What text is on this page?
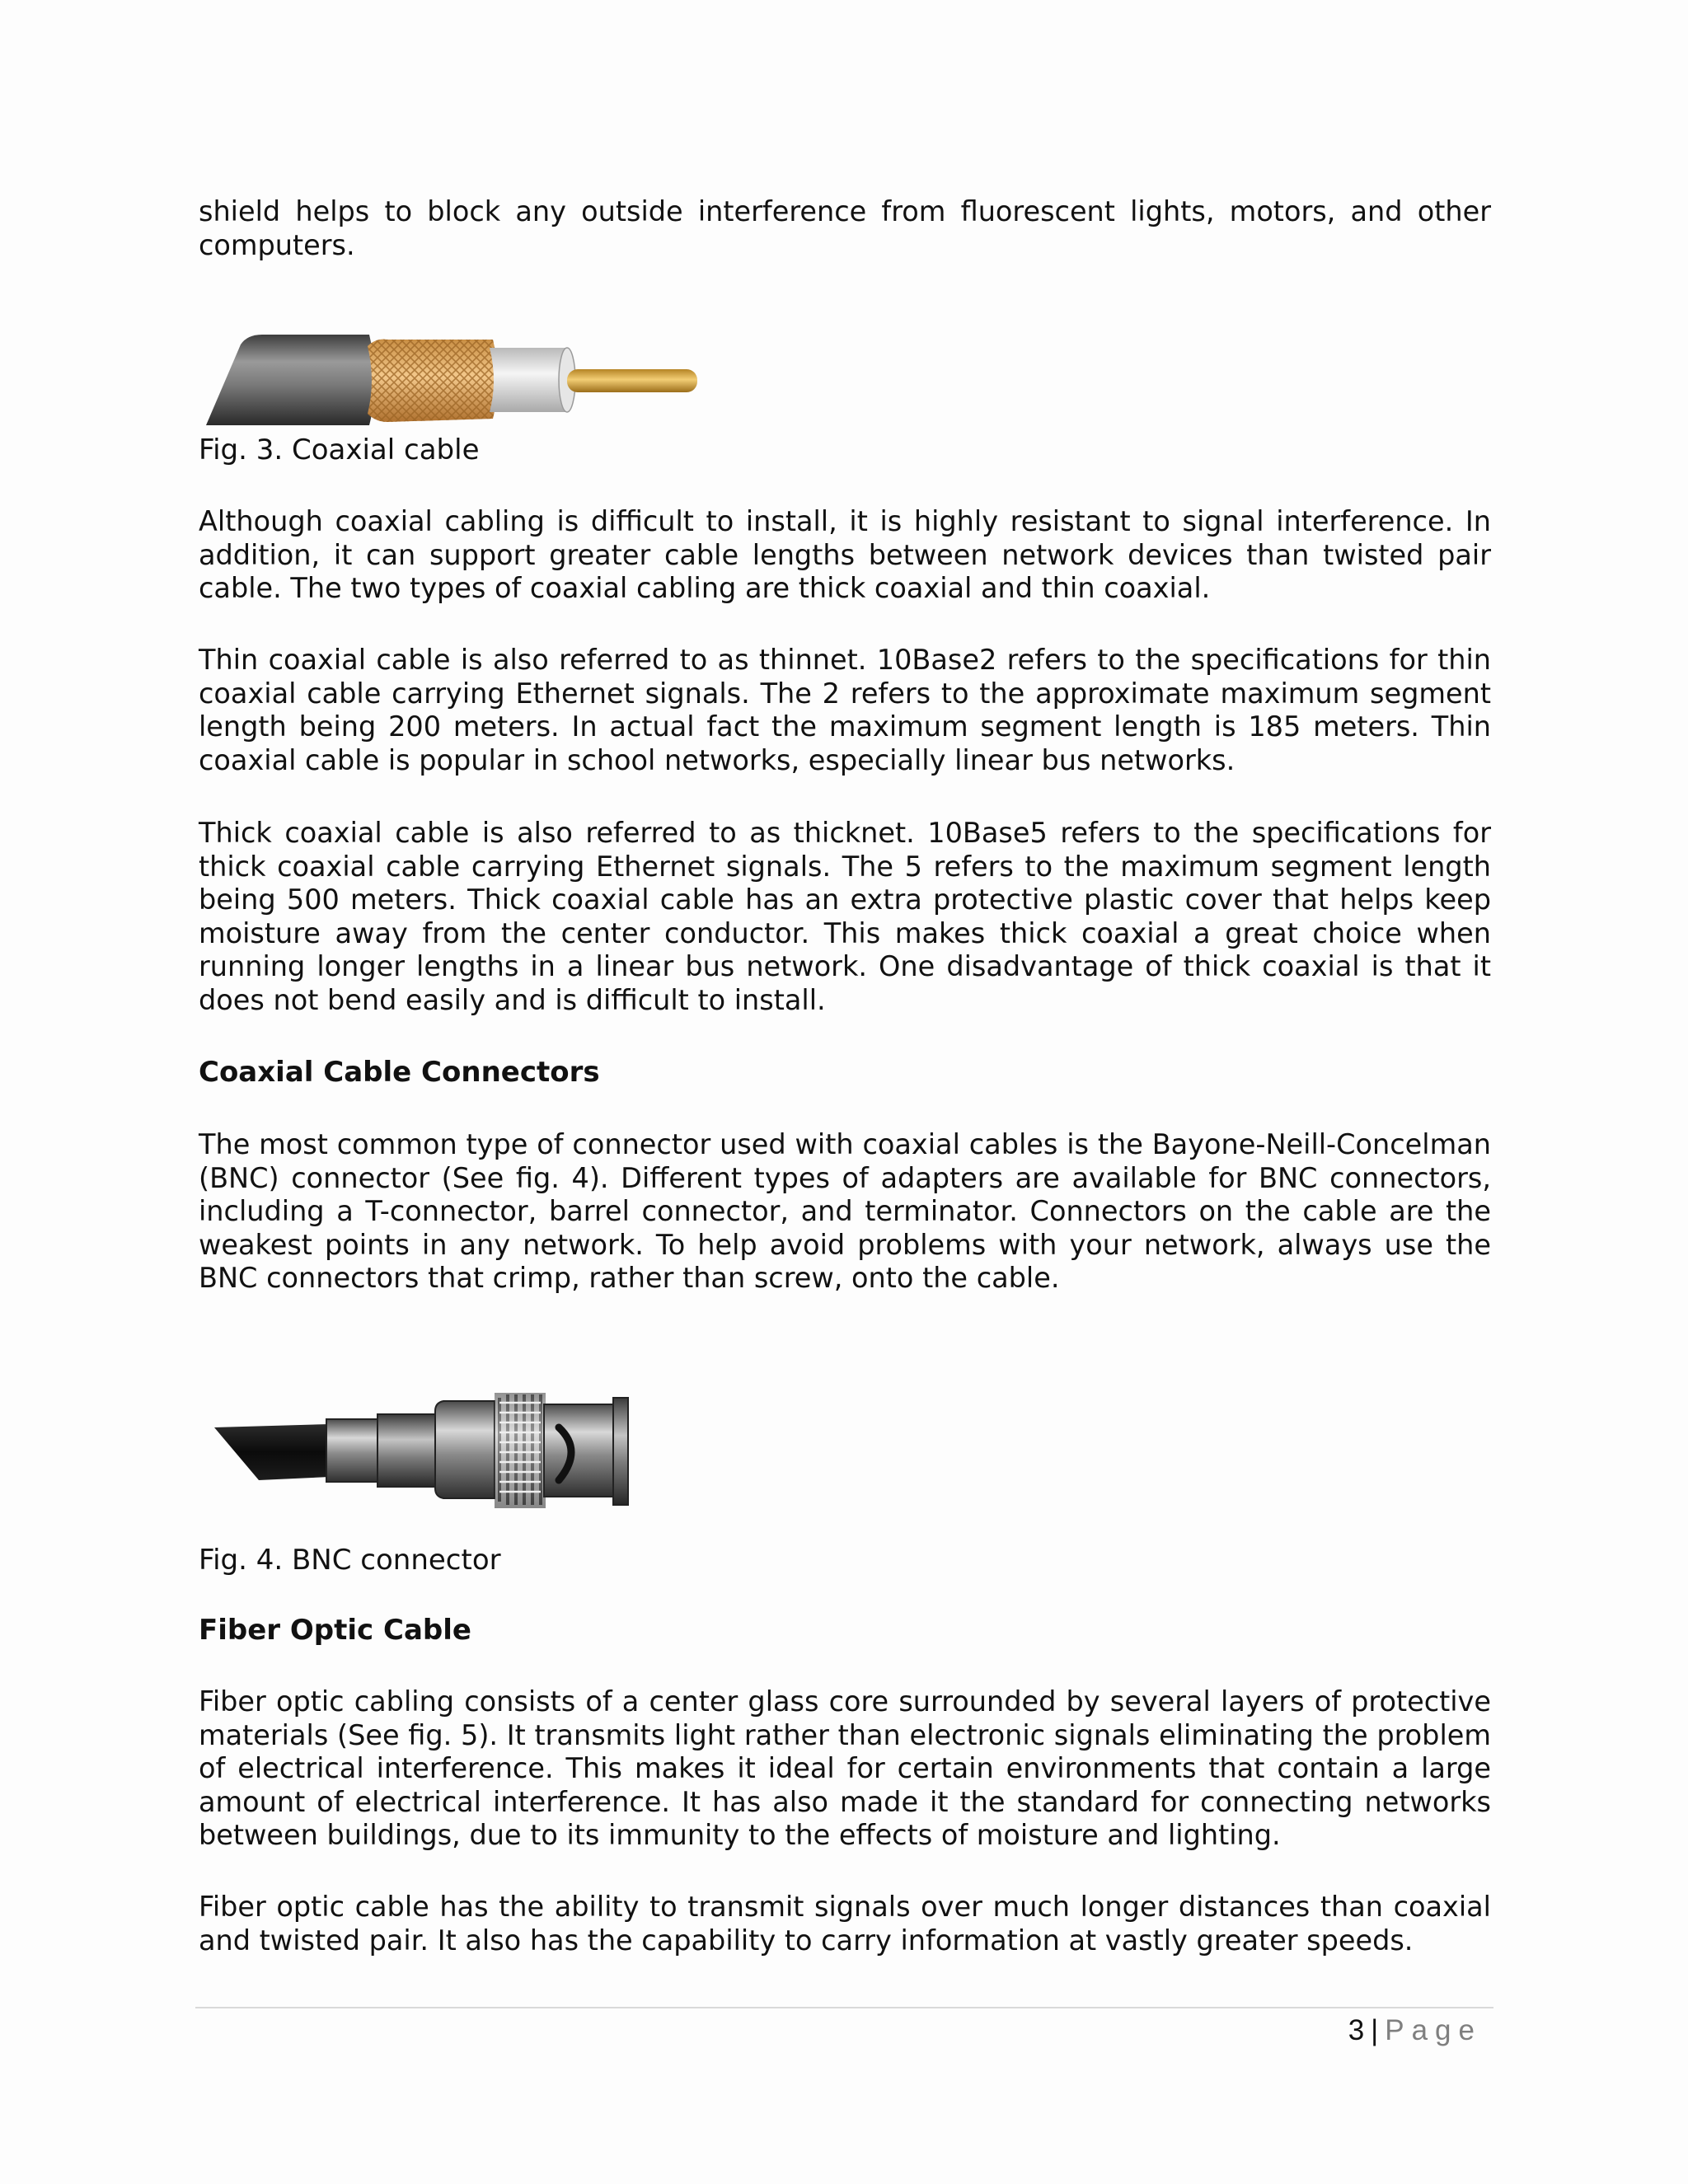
shield helps to block any outside interference from fluorescent lights, motors, and other computers.

Fig. 3. Coaxial cable

Although coaxial cabling is difficult to install, it is highly resistant to signal interference. In addition, it can support greater cable lengths between network devices than twisted pair cable. The two types of coaxial cabling are thick coaxial and thin coaxial.

Thin coaxial cable is also referred to as thinnet. 10Base2 refers to the specifications for thin coaxial cable carrying Ethernet signals. The 2 refers to the approximate maximum segment length being 200 meters. In actual fact the maximum segment length is 185 meters. Thin coaxial cable is popular in school networks, especially linear bus networks.

Thick coaxial cable is also referred to as thicknet. 10Base5 refers to the specifications for thick coaxial cable carrying Ethernet signals. The 5 refers to the maximum segment length being 500 meters. Thick coaxial cable has an extra protective plastic cover that helps keep moisture away from the center conductor. This makes thick coaxial a great choice when running longer lengths in a linear bus network. One disadvantage of thick coaxial is that it does not bend easily and is difficult to install.

Coaxial Cable Connectors

The most common type of connector used with coaxial cables is the Bayone-Neill-Concelman (BNC) connector (See fig. 4). Different types of adapters are available for BNC connectors, including a T-connector, barrel connector, and terminator. Connectors on the cable are the weakest points in any network. To help avoid problems with your network, always use the BNC connectors that crimp, rather than screw, onto the cable.

Fig. 4. BNC connector

Fiber Optic Cable

Fiber optic cabling consists of a center glass core surrounded by several layers of protective materials (See fig. 5). It transmits light rather than electronic signals eliminating the problem of electrical interference. This makes it ideal for certain environments that contain a large amount of electrical interference. It has also made it the standard for connecting networks between buildings, due to its immunity to the effects of moisture and lighting.

Fiber optic cable has the ability to transmit signals over much longer distances than coaxial and twisted pair. It also has the capability to carry information at vastly greater speeds.

3 | Page
